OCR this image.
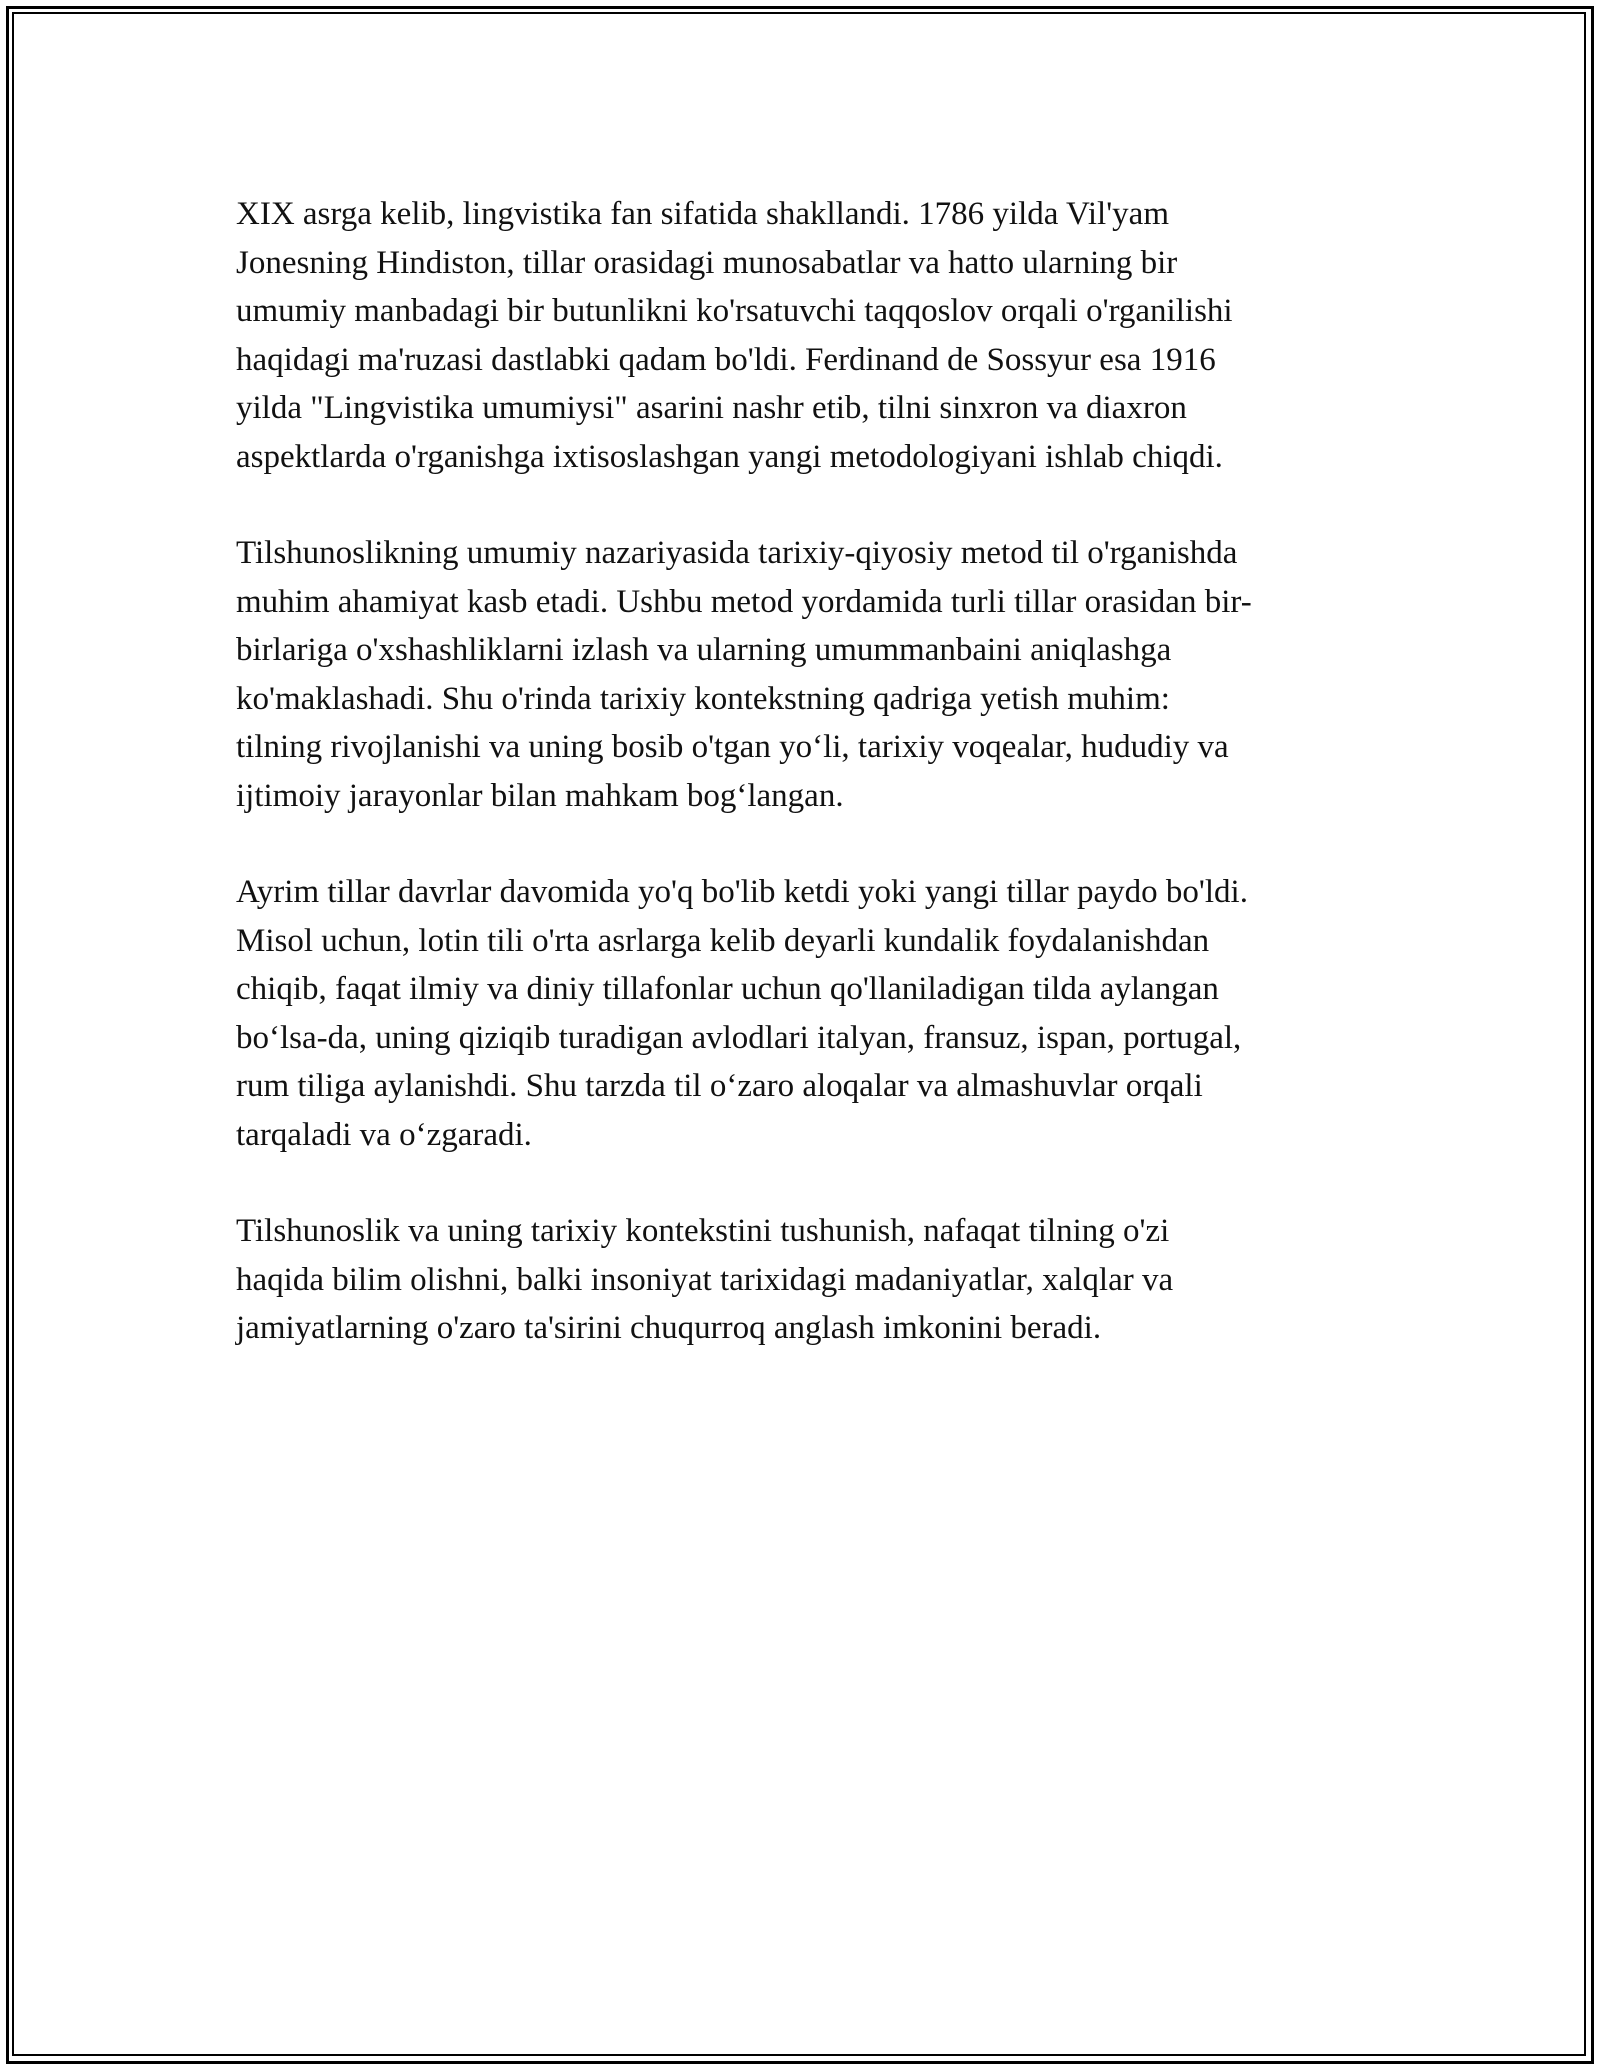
XIX asrga kelib, lingvistika fan sifatida shakllandi. 1786 yilda Vil'yam
Jonesning Hindiston, tillar orasidagi munosabatlar va hatto ularning bir
umumiy manbadagi bir butunlikni ko'rsatuvchi taqqoslov orqali o'rganilishi
haqidagi ma'ruzasi dastlabki qadam bo'ldi. Ferdinand de Sossyur esa 1916
yilda "Lingvistika umumiysi" asarini nashr etib, tilni sinxron va diaxron
aspektlarda o'rganishga ixtisoslashgan yangi metodologiyani ishlab chiqdi.

Tilshunoslikning umumiy nazariyasida tarixiy-qiyosiy metod til o'rganishda
muhim ahamiyat kasb etadi. Ushbu metod yordamida turli tillar orasidan bir-
birlariga o'xshashliklarni izlash va ularning umummanbaini aniqlashga
ko'maklashadi. Shu o'rinda tarixiy kontekstning qadriga yetish muhim:
tilning rivojlanishi va uning bosib o'tgan yo‘li, tarixiy voqealar, hududiy va
ijtimoiy jarayonlar bilan mahkam bog‘langan.

Ayrim tillar davrlar davomida yo'q bo'lib ketdi yoki yangi tillar paydo bo'ldi.
Misol uchun, lotin tili o'rta asrlarga kelib deyarli kundalik foydalanishdan
chiqib, faqat ilmiy va diniy tillafonlar uchun qo'llaniladigan tilda aylangan
bo‘lsa-da, uning qiziqib turadigan avlodlari italyan, fransuz, ispan, portugal,
rum tiliga aylanishdi. Shu tarzda til o‘zaro aloqalar va almashuvlar orqali
tarqaladi va o‘zgaradi.

Tilshunoslik va uning tarixiy kontekstini tushunish, nafaqat tilning o'zi
haqida bilim olishni, balki insoniyat tarixidagi madaniyatlar, xalqlar va
jamiyatlarning o'zaro ta'sirini chuqurroq anglash imkonini beradi.
